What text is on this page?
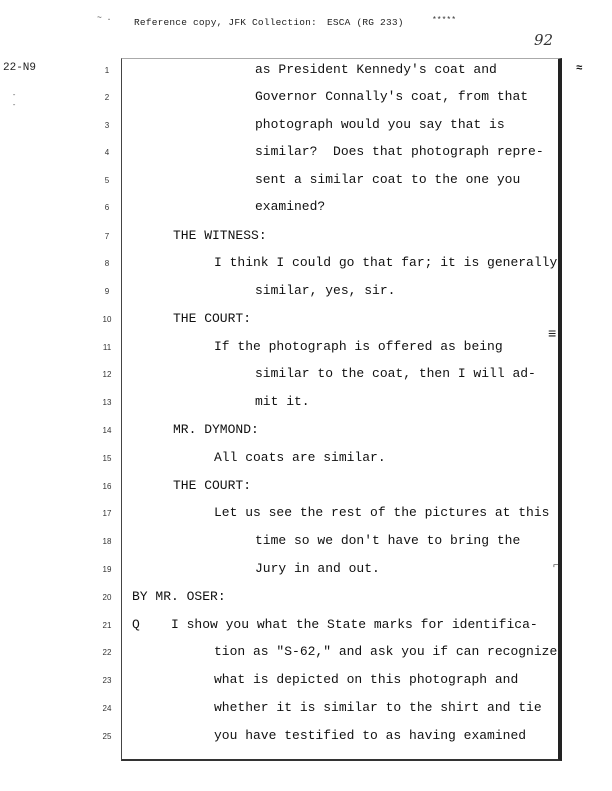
~ . Reference copy, JFK Collection: ESCA (RG 233)	*****
92
22-N9
-
-
≈
≡
⌐
1	as President Kennedy's coat and
2	Governor Connally's coat, from that
3	photograph would you say that is
4	similar?  Does that photograph repre-
5	sent a similar coat to the one you
6	examined?
7	THE WITNESS:
8	I think I could go that far; it is generally
9	similar, yes, sir.
10	THE COURT:
11	If the photograph is offered as being
12	similar to the coat, then I will ad-
13	mit it.
14	MR. DYMOND:
15	All coats are similar.
16	THE COURT:
17	Let us see the rest of the pictures at this
18	time so we don't have to bring the
19	Jury in and out.
20 BY MR. OSER:
21 Q    I show you what the State marks for identifica-
22	tion as "S-62," and ask you if can recognize
23	what is depicted on this photograph and
24	whether it is similar to the shirt and tie
25	you have testified to as having examined
